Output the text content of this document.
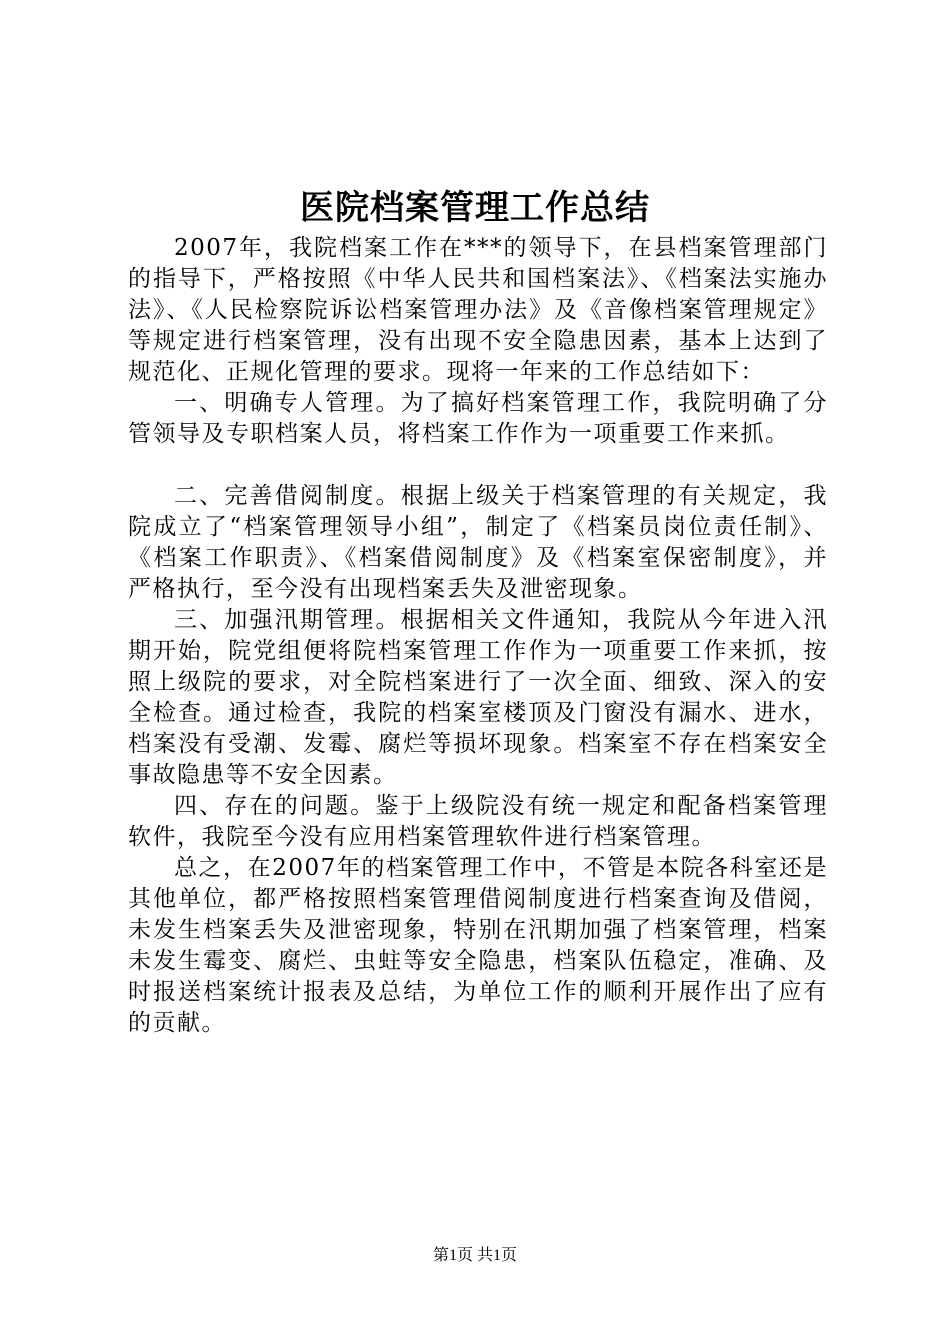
医院档案管理工作总结

2007年，我院档案工作在***的领导下，在县档案管理部门的指导下，严格按照《中华人民共和国档案法》、《档案法实施办法》、《人民检察院诉讼档案管理办法》及《音像档案管理规定》等规定进行档案管理，没有出现不安全隐患因素，基本上达到了规范化、正规化管理的要求。现将一年来的工作总结如下：

一、明确专人管理。为了搞好档案管理工作，我院明确了分管领导及专职档案人员，将档案工作作为一项重要工作来抓。

二、完善借阅制度。根据上级关于档案管理的有关规定，我院成立了“档案管理领导小组”，制定了《档案员岗位责任制》、《档案工作职责》、《档案借阅制度》及《档案室保密制度》，并严格执行，至今没有出现档案丢失及泄密现象。

三、加强汛期管理。根据相关文件通知，我院从今年进入汛期开始，院党组便将院档案管理工作作为一项重要工作来抓，按照上级院的要求，对全院档案进行了一次全面、细致、深入的安全检查。通过检查，我院的档案室楼顶及门窗没有漏水、进水，档案没有受潮、发霉、腐烂等损坏现象。档案室不存在档案安全事故隐患等不安全因素。

四、存在的问题。鉴于上级院没有统一规定和配备档案管理软件，我院至今没有应用档案管理软件进行档案管理。

总之，在2007年的档案管理工作中，不管是本院各科室还是其他单位，都严格按照档案管理借阅制度进行档案查询及借阅，未发生档案丢失及泄密现象，特别在汛期加强了档案管理，档案未发生霉变、腐烂、虫蛀等安全隐患，档案队伍稳定，准确、及时报送档案统计报表及总结，为单位工作的顺利开展作出了应有的贡献。

第1页 共1页
